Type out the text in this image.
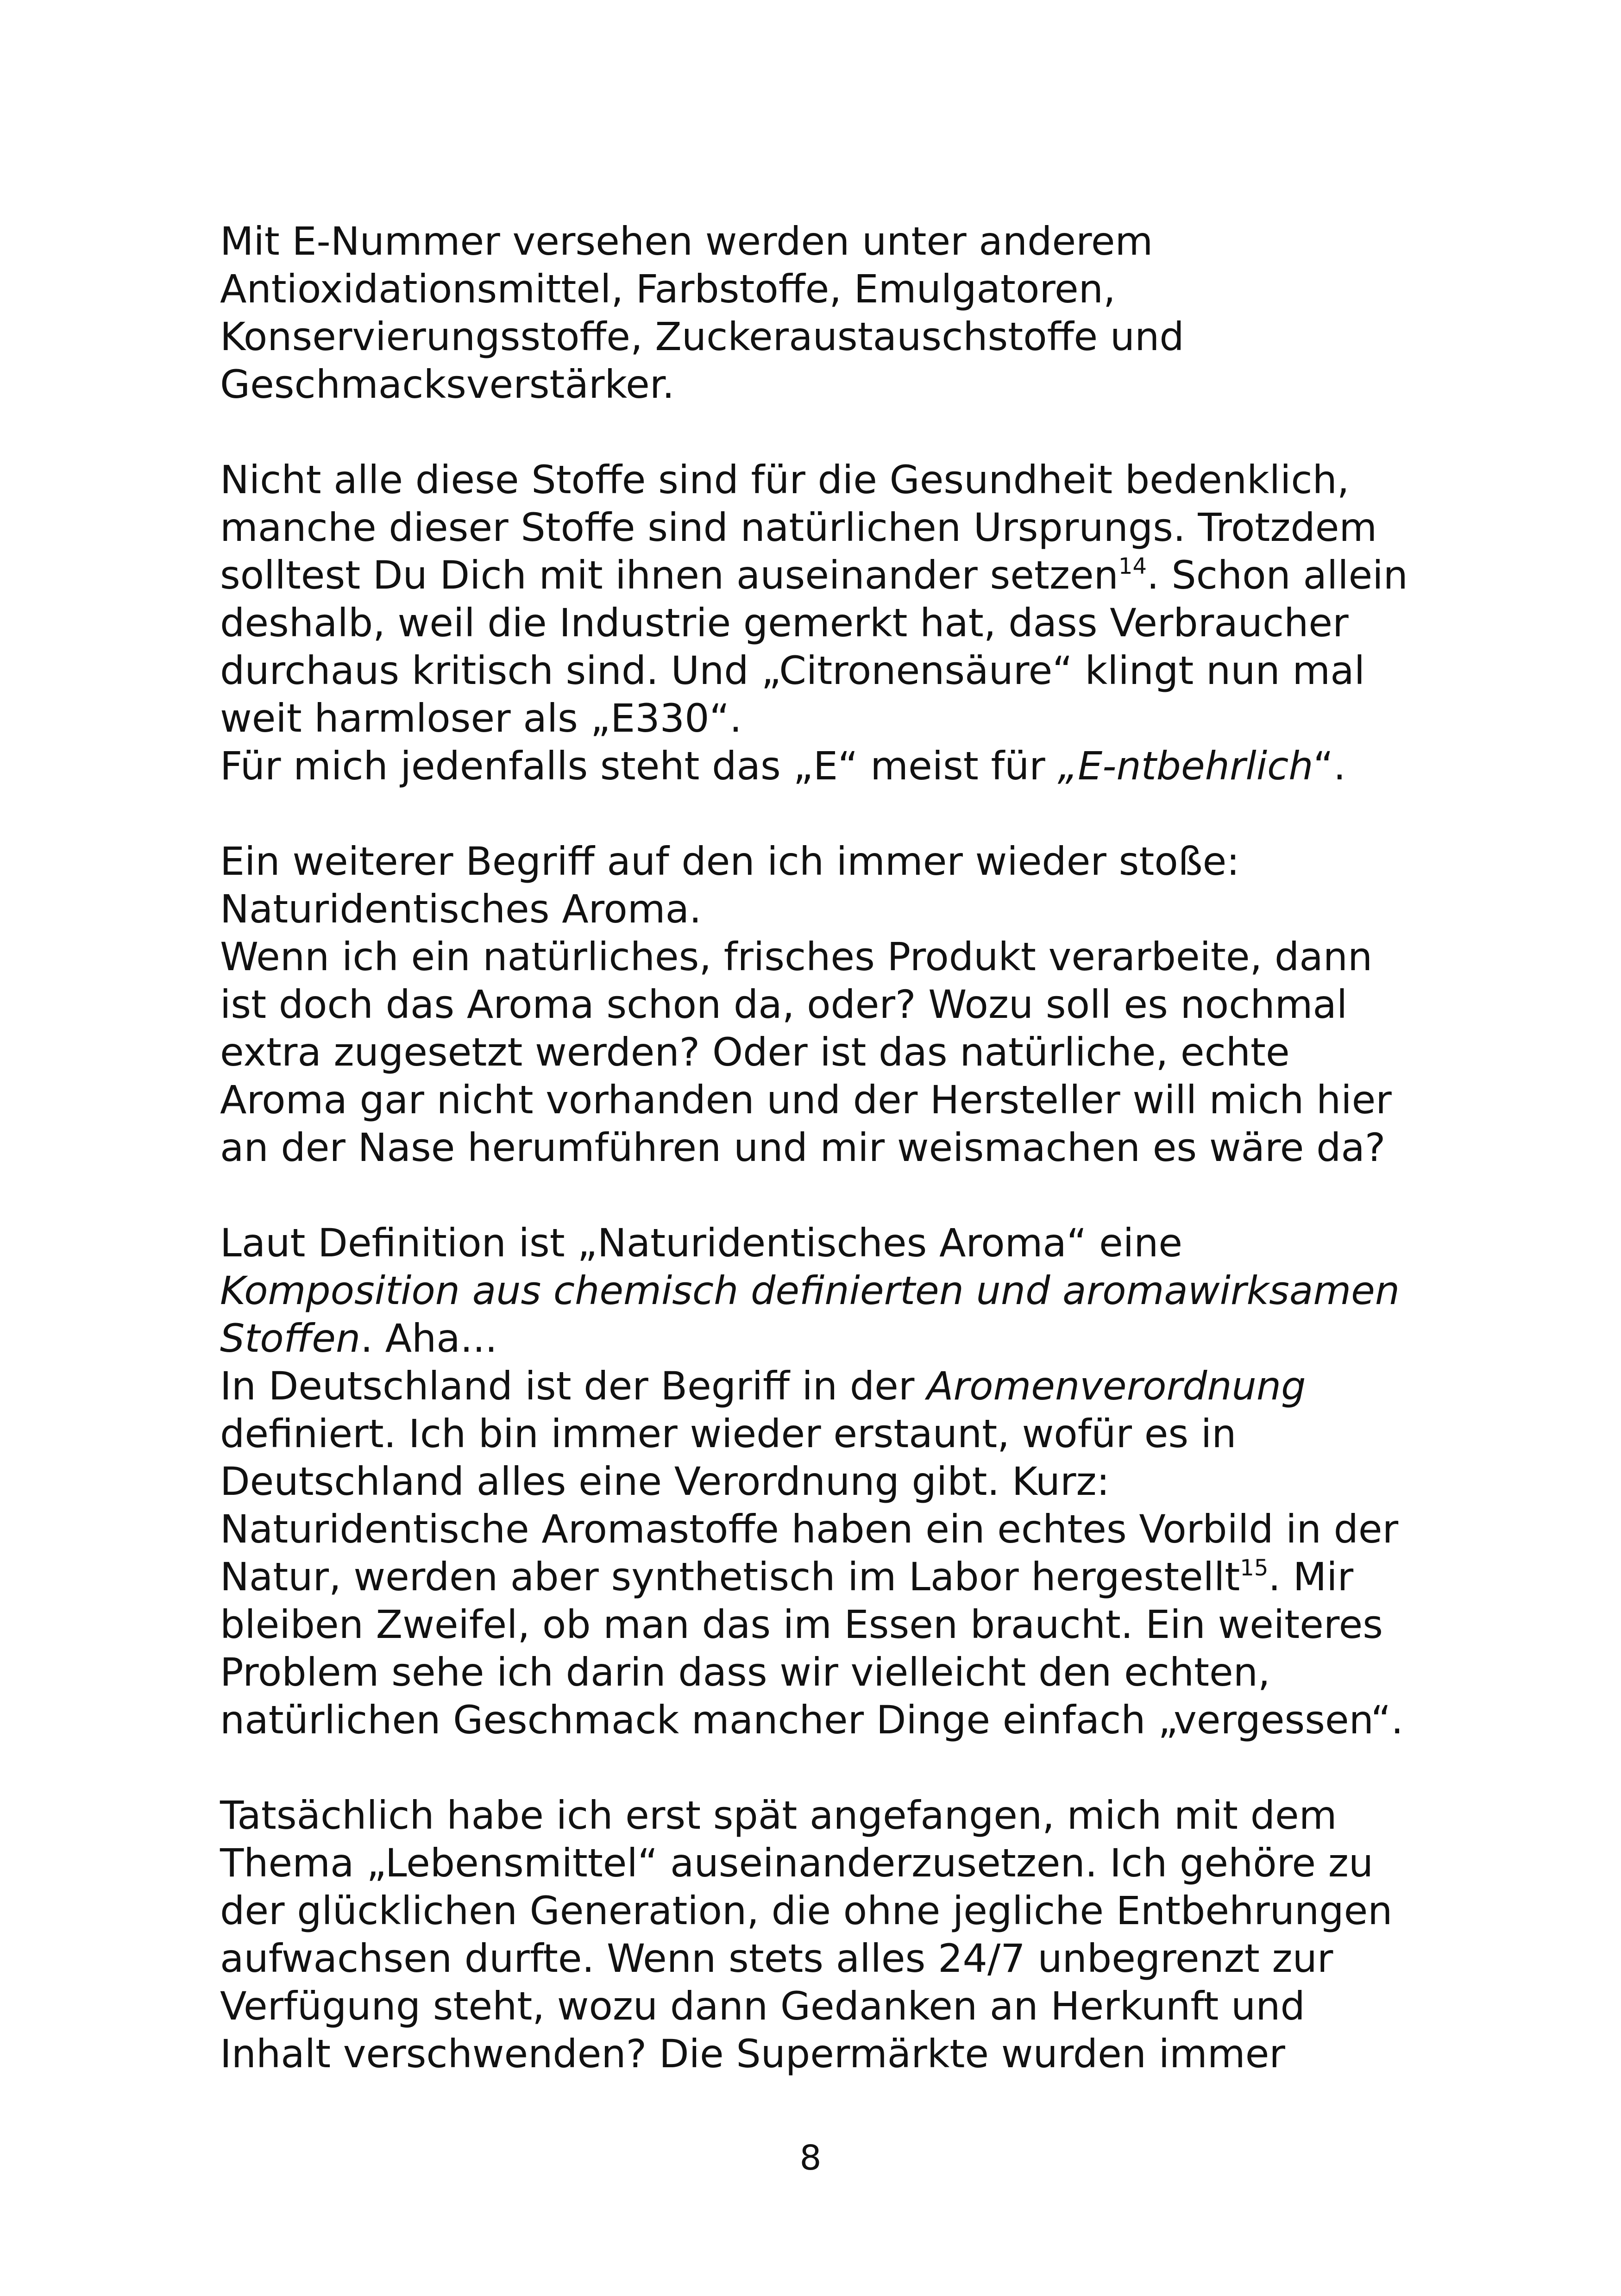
Mit E-Nummer versehen werden unter anderem
Antioxidationsmittel, Farbstoffe, Emulgatoren,
Konservierungsstoffe, Zuckeraustauschstoffe und
Geschmacksverstärker.
Nicht alle diese Stoffe sind für die Gesundheit bedenklich,
manche dieser Stoffe sind natürlichen Ursprungs. Trotzdem
solltest Du Dich mit ihnen auseinander setzen$^{14}$. Schon allein
deshalb, weil die Industrie gemerkt hat, dass Verbraucher
durchaus kritisch sind. Und „Citronensäure“ klingt nun mal
weit harmloser als „E330“.
Für mich jedenfalls steht das „E“ meist für „E-ntbehrlich“.
Ein weiterer Begriff auf den ich immer wieder stoße:
Naturidentisches Aroma.
Wenn ich ein natürliches, frisches Produkt verarbeite, dann
ist doch das Aroma schon da, oder? Wozu soll es nochmal
extra zugesetzt werden? Oder ist das natürliche, echte
Aroma gar nicht vorhanden und der Hersteller will mich hier
an der Nase herumführen und mir weismachen es wäre da?
Laut Definition ist „Naturidentisches Aroma“ eine
Komposition aus chemisch definierten und aromawirksamen
Stoffen. Aha...
In Deutschland ist der Begriff in der Aromenverordnung
definiert. Ich bin immer wieder erstaunt, wofür es in
Deutschland alles eine Verordnung gibt. Kurz:
Naturidentische Aromastoffe haben ein echtes Vorbild in der
Natur, werden aber synthetisch im Labor hergestellt$^{15}$. Mir
bleiben Zweifel, ob man das im Essen braucht. Ein weiteres
Problem sehe ich darin dass wir vielleicht den echten,
natürlichen Geschmack mancher Dinge einfach „vergessen“.
Tatsächlich habe ich erst spät angefangen, mich mit dem
Thema „Lebensmittel“ auseinanderzusetzen. Ich gehöre zu
der glücklichen Generation, die ohne jegliche Entbehrungen
aufwachsen durfte. Wenn stets alles 24/7 unbegrenzt zur
Verfügung steht, wozu dann Gedanken an Herkunft und
Inhalt verschwenden? Die Supermärkte wurden immer
8
